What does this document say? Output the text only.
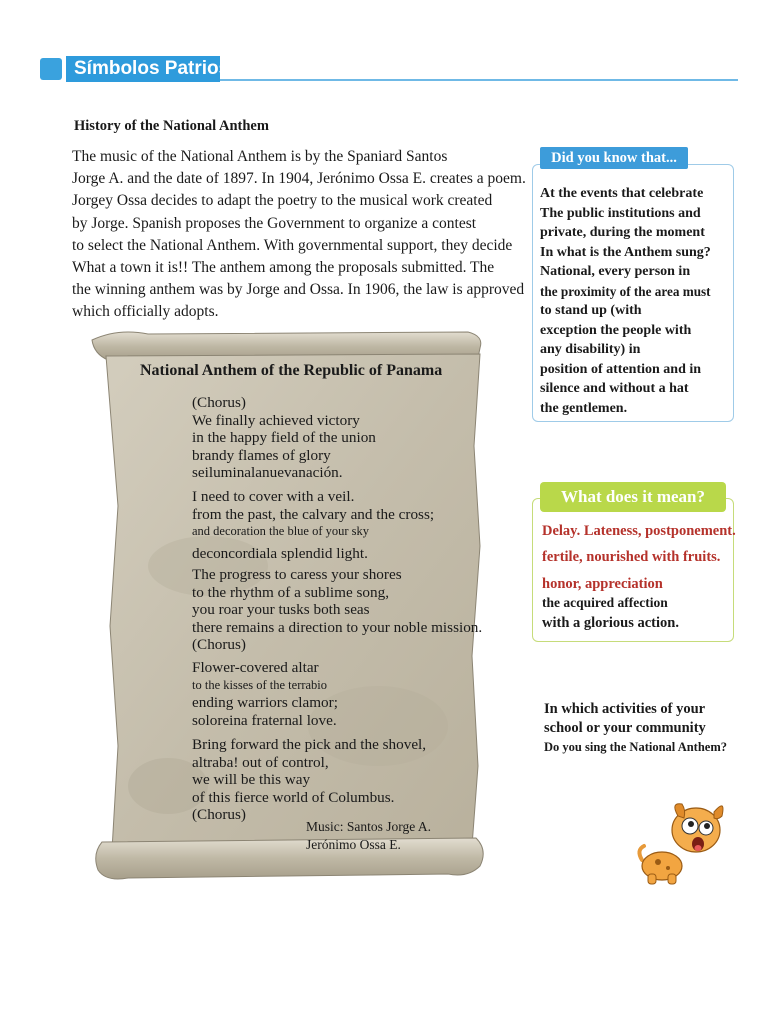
Símbolos Patrios
History of the National Anthem
The music of the National Anthem is by the Spaniard Santos
Jorge A. and the date of 1897. In 1904, Jerónimo Ossa E. creates a poem.
Jorgey Ossa decides to adapt the poetry to the musical work created
by Jorge. Spanish proposes the Government to organize a contest
to select the National Anthem. With governmental support, they decide
What a town it is!! The anthem among the proposals submitted. The
the winning anthem was by Jorge and Ossa. In 1906, the law is approved
which officially adopts.
National Anthem of the Republic of Panama
(Chorus)
We finally achieved victory
in the happy field of the union
brandy flames of glory
seiluminalanuevanación.
I need to cover with a veil.
from the past, the calvary and the cross;
and decoration the blue of your sky
deconcordiala splendid light.
The progress to caress your shores
to the rhythm of a sublime song,
you roar your tusks both seas
there remains a direction to your noble mission.
(Chorus)
Flower-covered altar
to the kisses of the terrabio
ending warriors clamor;
soloreina fraternal love.
Bring forward the pick and the shovel,
altraba! out of control,
we will be this way
of this fierce world of Columbus.
(Chorus)
Music: Santos Jorge A.
Jerónimo Ossa E.
Did you know that...
At the events that celebrate
The public institutions and
private, during the moment
In what is the Anthem sung?
National, every person in
the proximity of the area must
to stand up (with
exception the people with
any disability) in
position of attention and in
silence and without a hat
the gentlemen.
What does it mean?
Delay. Lateness, postponement.
fertile, nourished with fruits.
honor, appreciation
the acquired affection
with a glorious action.
In which activities of your
school or your community
Do you sing the National Anthem?
